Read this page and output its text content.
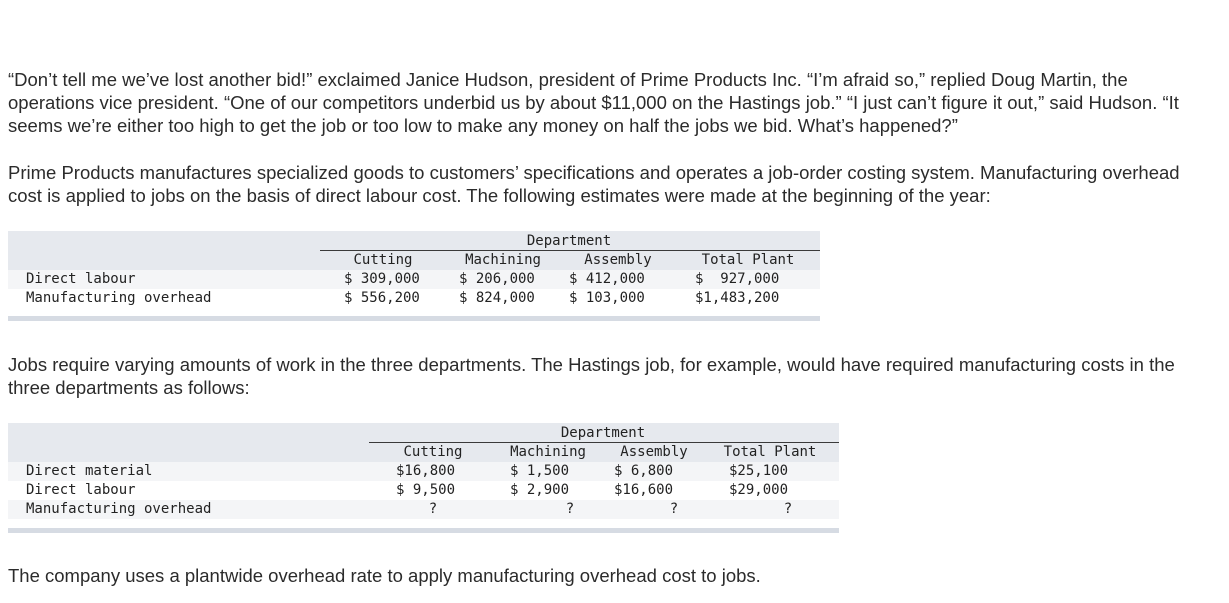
“Don’t tell me we’ve lost another bid!” exclaimed Janice Hudson, president of Prime Products Inc. “I’m afraid so,” replied Doug Martin, the operations vice president. “One of our competitors underbid us by about $11,000 on the Hastings job.” “I just can’t figure it out,” said Hudson. “It seems we’re either too high to get the job or too low to make any money on half the jobs we bid. What’s happened?”
Prime Products manufactures specialized goods to customers’ specifications and operates a job-order costing system. Manufacturing overhead cost is applied to jobs on the basis of direct labour cost. The following estimates were made at the beginning of the year:
Department
Cutting	Machining	Assembly	Total Plant
Direct labour	$ 309,000	$ 206,000 $ 412,000	$  927,000
Manufacturing overhead	$ 556,200	$ 824,000 $ 103,000	$1,483,200
Jobs require varying amounts of work in the three departments. The Hastings job, for example, would have required manufacturing costs in the three departments as follows:
Department
Cutting	Machining	Assembly	Total Plant
Direct material	$16,800	$ 1,500	$ 6,800	$25,100
Direct labour	$ 9,500	$ 2,900	$16,600	$29,000
Manufacturing overhead	?	?	?	?
The company uses a plantwide overhead rate to apply manufacturing overhead cost to jobs.
